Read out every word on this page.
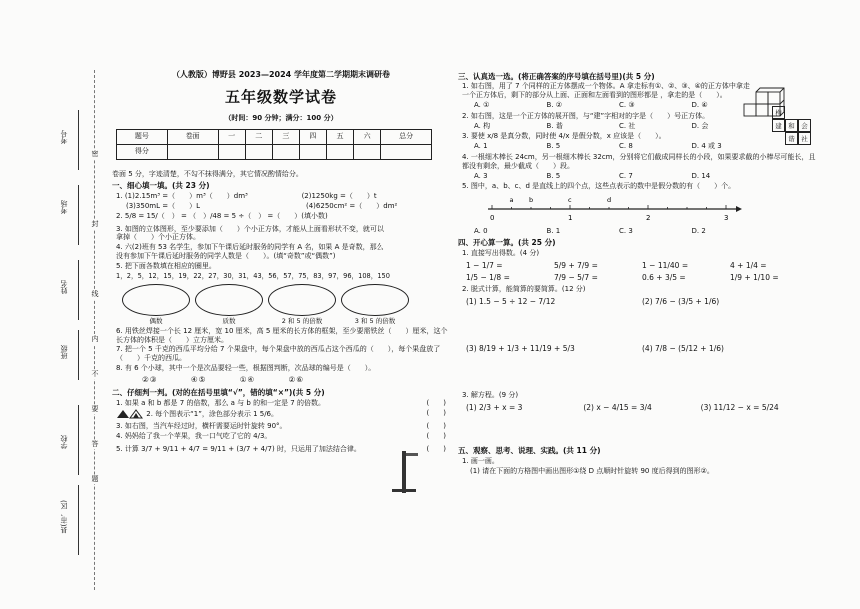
考号
考场
姓名
班级
学校
县(市、区)
密
封
线
内
不
要
答
题
（人教版）博野县 2023—2024 学年度第二学期期末调研卷
五年级数学试卷
（时间：90 分钟；满分：100 分）
题号	卷面	一	二	三	四	五	六	总分
得分								
卷面 5 分，字迹清楚，不勾不抹得满分，其它情况酌情给分。
一、细心填一填。(共 23 分)
1. (1)2.15m³ =（　　）m³（　　）dm³	(2)1250kg =（　　）t
(3)350mL =（　　）L	(4)6250cm² =（　　）dm²
2. 5/8 = 15/（　） = （　）/48 = 5 ÷（　） =（　　）(填小数)
3. 如图的立体图形，至少要添加（　　）个小正方体，才能从上面看形状不变，就可以拿掉（　　）个小正方体。
4. 六(2)班有 53 名学生，参加下午课后延时服务的同学有 A 名，如果 A 是奇数，那么没有参加下午课后延时服务的同学人数是（　　）。(填“奇数”或“偶数”)
5. 把下面各数填在相应的圈里。
1，2，5，12，15，19，22，27，30，31，43，56，57，75，83，97，96，108，150
偶数	质数	2 和 5 的倍数	3 和 5 的倍数
6. 用铁丝焊接一个长 12 厘米，宽 10 厘米，高 5 厘米的长方体的框架，至少要需铁丝（　　）厘米，这个长方体的体积是（　　）立方厘米。
7. 把一个 5 千克的西瓜平均分给 7 个果盘中，每个果盘中放的西瓜占这个西瓜的（　　），每个果盘放了（　　）千克的西瓜。
8. 有 6 个小球，其中一个是次品要轻一些，根据图判断，次品球的编号是（　　）。
②③	④⑤	①④	②⑥
二、仔细判一判。(对的在括号里填“√”，错的填“×”)(共 5 分)
1. 如果 a 和 b 都是 7 的倍数，那么 a 与 b 的和一定是 7 的倍数。	(　　)
2. 每个图表示“1”，涂色部分表示 1 5/6。	(　　)
3. 如右图，当汽车经过时，横杆需要运时针旋转 90°。	(　　)
4. 妈妈给了我一个苹果，我一口气吃了它的 4/3。	(　　)
5. 计算 3/7 + 9/11 + 4/7 = 9/11 + (3/7 + 4/7) 时，只运用了加法结合律。	(　　)
三、认真选一选。(将正确答案的序号填在括号里)(共 5 分)
1. 如右图，用了 7 个同样的正方体摆成一个物体。A 拿走标有①、②、③、④的正方体中拿走一个正方体后，剩下的部分从上面、正面和左面看到的图形都是 ，拿走的是（　　）。
A. ①	B. ②	C. ③	D. ④
2. 如右图，这是一个正方体的展开图，与“建”字相对的字是（　　）号正方体。
A. 构	B. 谐	C. 社	D. 会
3. 要使 x/8 是真分数，同时使 4/x 是假分数，x 应该是（　　）。
A. 1	B. 5	C. 8	D. 4 或 3
4. 一根细木棒长 24cm，另一根细木棒长 32cm，分别将它们截成同样长的小段，如果要求截的小棒尽可能长，且都没有剩余，最少截成（　　）段。
A. 3	B. 5	C. 7	D. 14
5. 图中，a、b、c、d 是直线上的四个点，这些点表示的数中是假分数的有（　　）个。
0	1	2	3
a b	c	d
A. 0	B. 1	C. 3	D. 2
四、开心算一算。(共 25 分)
1. 直接写出得数。(4 分)
1 − 1/7 =	5/9 + 7/9 =	1 − 11/40 =	4 + 1/4 =
1/5 − 1/8 =	7/9 − 5/7 =	0.6 + 3/5 =	1/9 + 1/10 =
2. 脱式计算，能简算的要简算。(12 分)
(1) 1.5 − 5 ÷ 12 − 7/12	(2) 7/6 − (3/5 + 1/6)
(3) 8/19 + 1/3 + 11/19 + 5/3	(4) 7/8 − (5/12 + 1/6)
3. 解方程。(9 分)
(1) 2/3 + x = 3	(2) x − 4/15 = 3/4	(3) 11/12 − x = 5/24
五、观察、思考、说理、实践。(共 11 分)
1. 画一画。
(1) 请在下面的方格图中画出图形①绕 D 点顺时针旋转 90 度后得到的图形②。
构
建	和
谐	社
会
